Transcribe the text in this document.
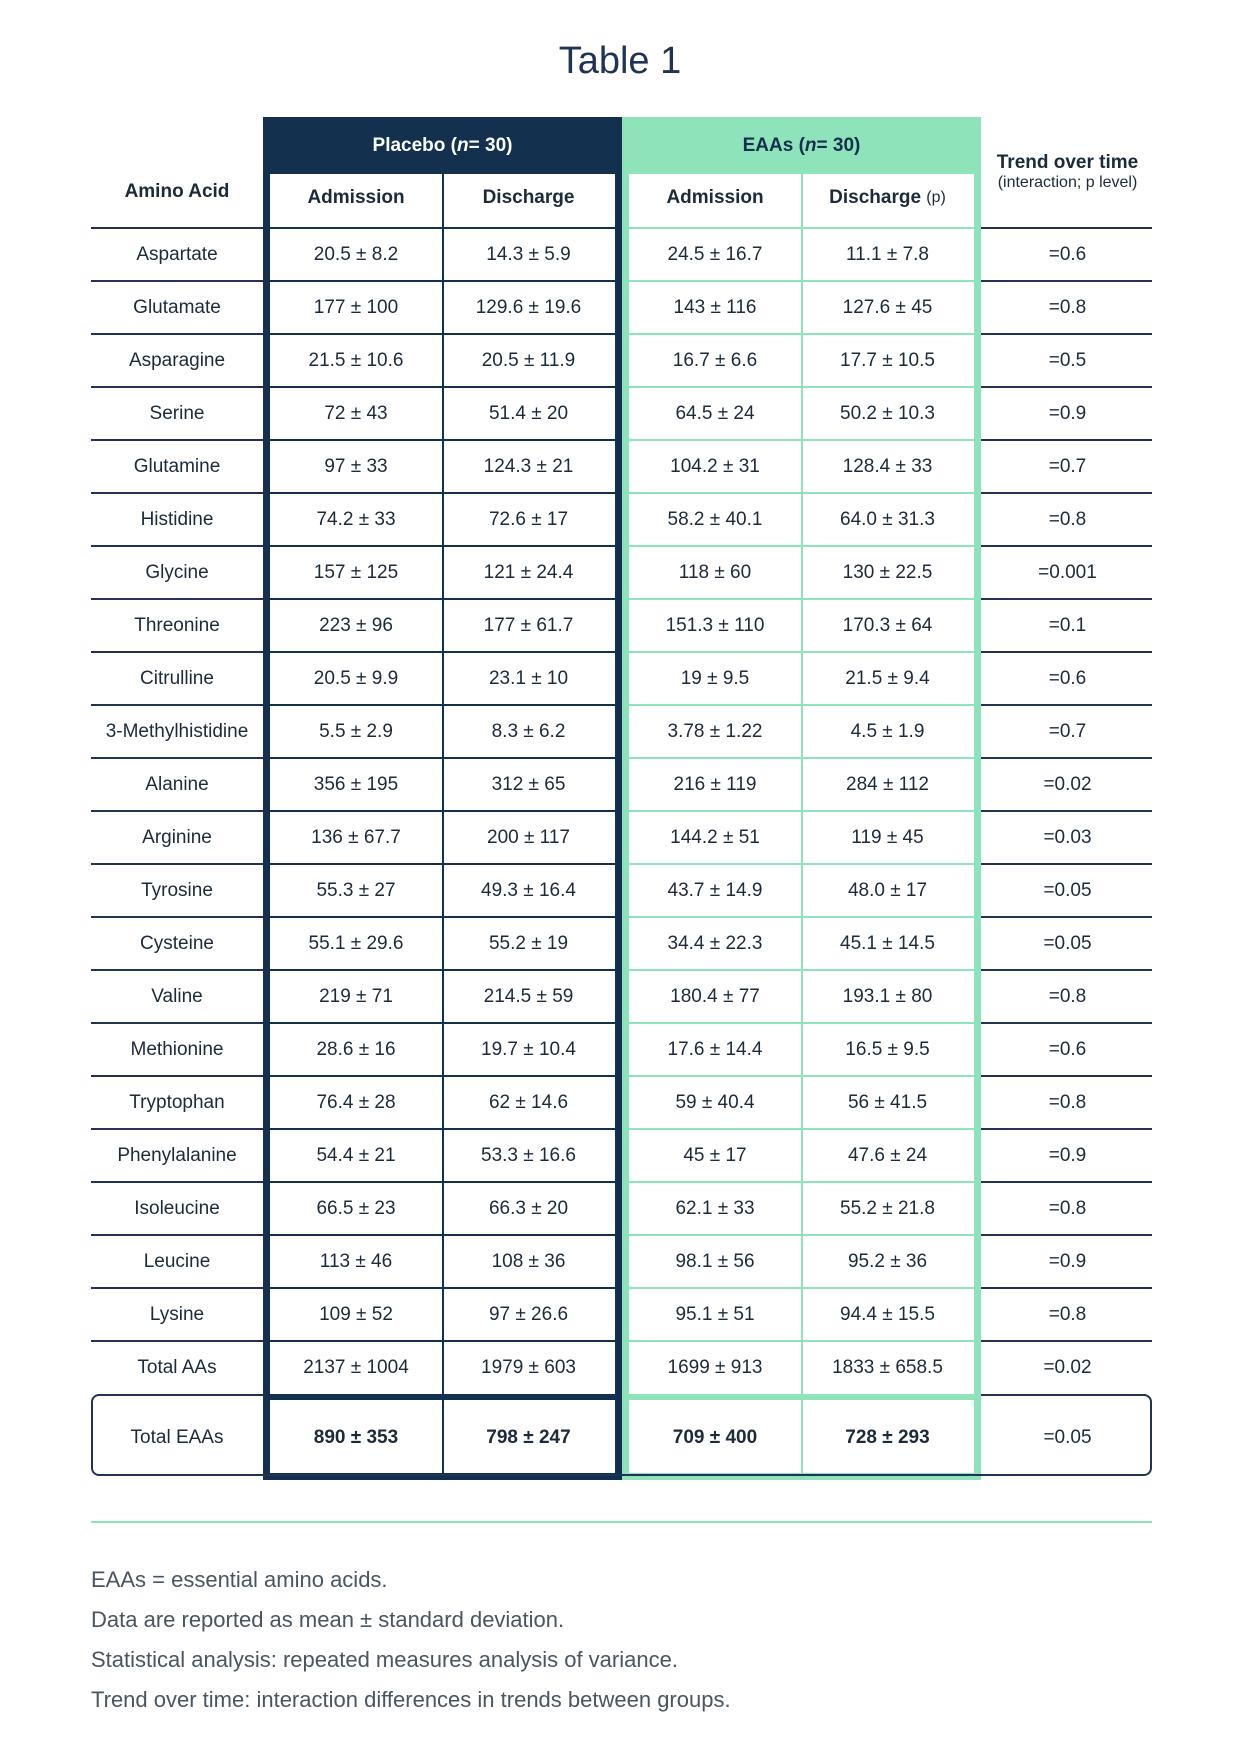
Table 1
Placebo ( n = 30)	EAAs ( n = 30)
Amino Acid	Admission	Discharge	Admission	Discharge
(p)
Trend over time
(interaction; p level)
Aspartate	20.5 ± 8.2	14.3 ± 5.9	24.5 ± 16.7	11.1 ± 7.8	=0.6
Glutamate	177 ± 100	129.6 ± 19.6	143 ± 116	127.6 ± 45	=0.8
Asparagine	21.5 ± 10.6	20.5 ± 11.9	16.7 ± 6.6	17.7 ± 10.5	=0.5
Serine	72 ± 43	51.4 ± 20	64.5 ± 24	50.2 ± 10.3	=0.9
Glutamine	97 ± 33	124.3 ± 21	104.2 ± 31	128.4 ± 33	=0.7
Histidine	74.2 ± 33	72.6 ± 17	58.2 ± 40.1	64.0 ± 31.3	=0.8
Glycine	157 ± 125	121 ± 24.4	118 ± 60	130 ± 22.5	=0.001
Threonine	223 ± 96	177 ± 61.7	151.3 ± 110	170.3 ± 64	=0.1
Citrulline	20.5 ± 9.9	23.1 ± 10	19 ± 9.5	21.5 ± 9.4	=0.6
3-Methylhistidine	5.5 ± 2.9	8.3 ± 6.2	3.78 ± 1.22	4.5 ± 1.9	=0.7
Alanine	356 ± 195	312 ± 65	216 ± 119	284 ± 112	=0.02
Arginine	136 ± 67.7	200 ± 117	144.2 ± 51	119 ± 45	=0.03
Tyrosine	55.3 ± 27	49.3 ± 16.4	43.7 ± 14.9	48.0 ± 17	=0.05
Cysteine	55.1 ± 29.6	55.2 ± 19	34.4 ± 22.3	45.1 ± 14.5	=0.05
Valine	219 ± 71	214.5 ± 59	180.4 ± 77	193.1 ± 80	=0.8
Methionine	28.6 ± 16	19.7 ± 10.4	17.6 ± 14.4	16.5 ± 9.5	=0.6
Tryptophan	76.4 ± 28	62 ± 14.6	59 ± 40.4	56 ± 41.5	=0.8
Phenylalanine	54.4 ± 21	53.3 ± 16.6	45 ± 17	47.6 ± 24	=0.9
Isoleucine	66.5 ± 23	66.3 ± 20	62.1 ± 33	55.2 ± 21.8	=0.8
Leucine	113 ± 46	108 ± 36	98.1 ± 56	95.2 ± 36	=0.9
Lysine	109 ± 52	97 ± 26.6	95.1 ± 51	94.4 ± 15.5	=0.8
Total AAs	2137 ± 1004	1979 ± 603	1699 ± 913	1833 ± 658.5	=0.02
Total EAAs	890 ± 353	798 ± 247	709 ± 400	728 ± 293	=0.05

EAAs = essential amino acids.

Data are reported as mean ± standard deviation.

Statistical analysis: repeated measures analysis of variance.

Trend over time: interaction differences in trends between groups.
